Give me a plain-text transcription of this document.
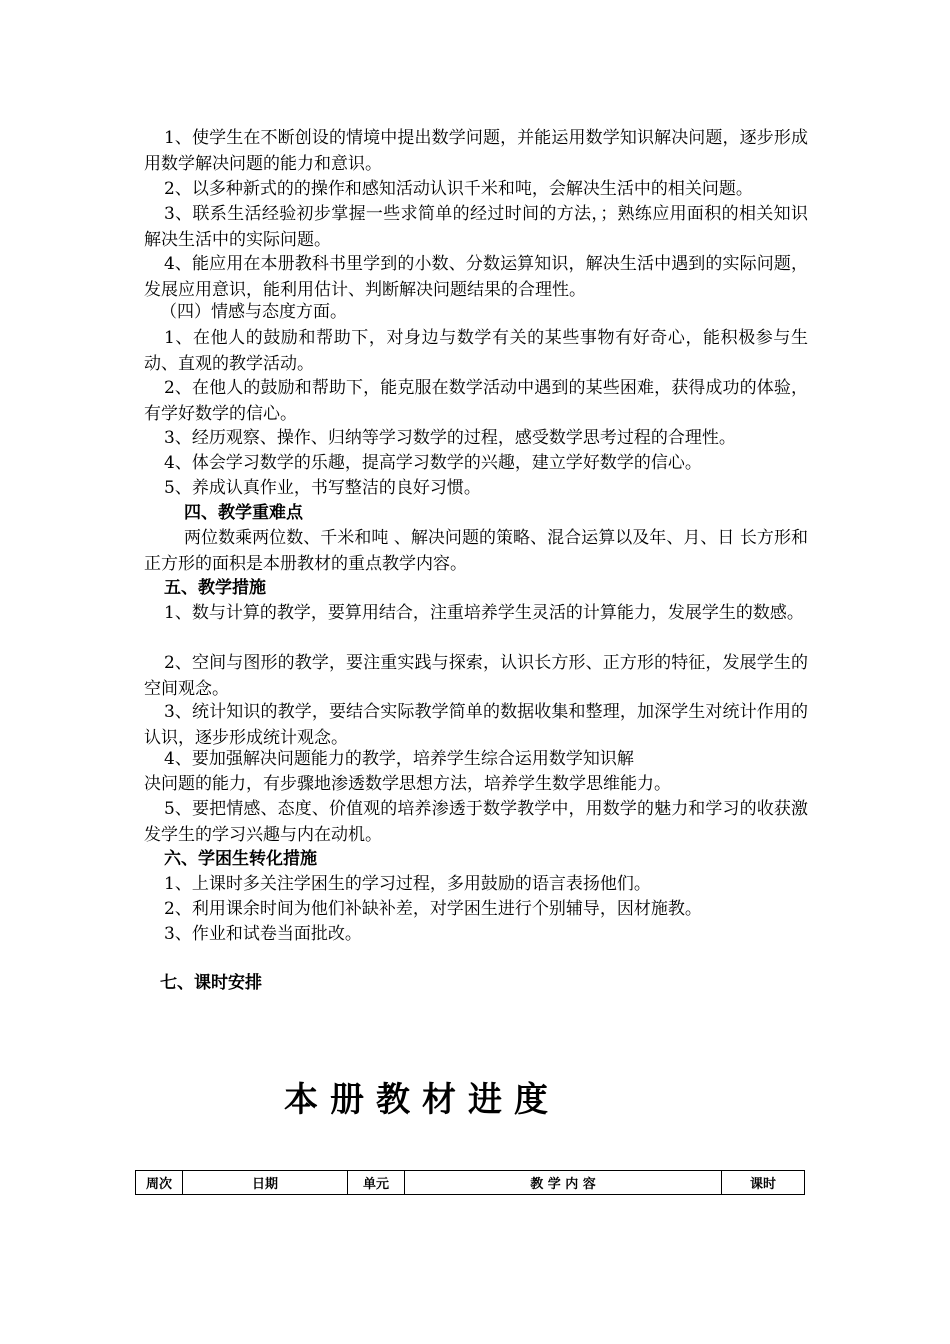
1、使学生在不断创设的情境中提出数学问题，并能运用数学知识解决问题，逐步形成用数学解决问题的能力和意识。

2、以多种新式的的操作和感知活动认识千米和吨，会解决生活中的相关问题。

3、联系生活经验初步掌握一些求简单的经过时间的方法，；熟练应用面积的相关知识解决生活中的实际问题。

4、能应用在本册教科书里学到的小数、分数运算知识，解决生活中遇到的实际问题，发展应用意识，能利用估计、判断解决问题结果的合理性。

（四）情感与态度方面。

1、在他人的鼓励和帮助下，对身边与数学有关的某些事物有好奇心，能积极参与生动、直观的教学活动。

2、在他人的鼓励和帮助下，能克服在数学活动中遇到的某些困难，获得成功的体验，有学好数学的信心。

3、经历观察、操作、归纳等学习数学的过程，感受数学思考过程的合理性。

4、体会学习数学的乐趣，提高学习数学的兴趣，建立学好数学的信心。

5、养成认真作业，书写整洁的良好习惯。

四、教学重难点

两位数乘两位数、千米和吨 、解决问题的策略、混合运算以及年、月、日 长方形和正方形的面积是本册教材的重点教学内容。

五、教学措施

1、数与计算的教学，要算用结合，注重培养学生灵活的计算能力，发展学生的数感。

2、空间与图形的教学，要注重实践与探索，认识长方形、正方形的特征，发展学生的空间观念。

3、统计知识的教学，要结合实际教学简单的数据收集和整理，加深学生对统计作用的认识，逐步形成统计观念。

4、要加强解决问题能力的教学，培养学生综合运用数学知识解

决问题的能力，有步骤地渗透数学思想方法，培养学生数学思维能力。

5、要把情感、态度、价值观的培养渗透于数学教学中，用数学的魅力和学习的收获激发学生的学习兴趣与内在动机。

六、学困生转化措施

1、上课时多关注学困生的学习过程，多用鼓励的语言表扬他们。

2、利用课余时间为他们补缺补差，对学困生进行个别辅导，因材施教。

3、作业和试卷当面批改。

七、课时安排

本册教材进度

周次	日期	单元	教 学 内 容	课时
